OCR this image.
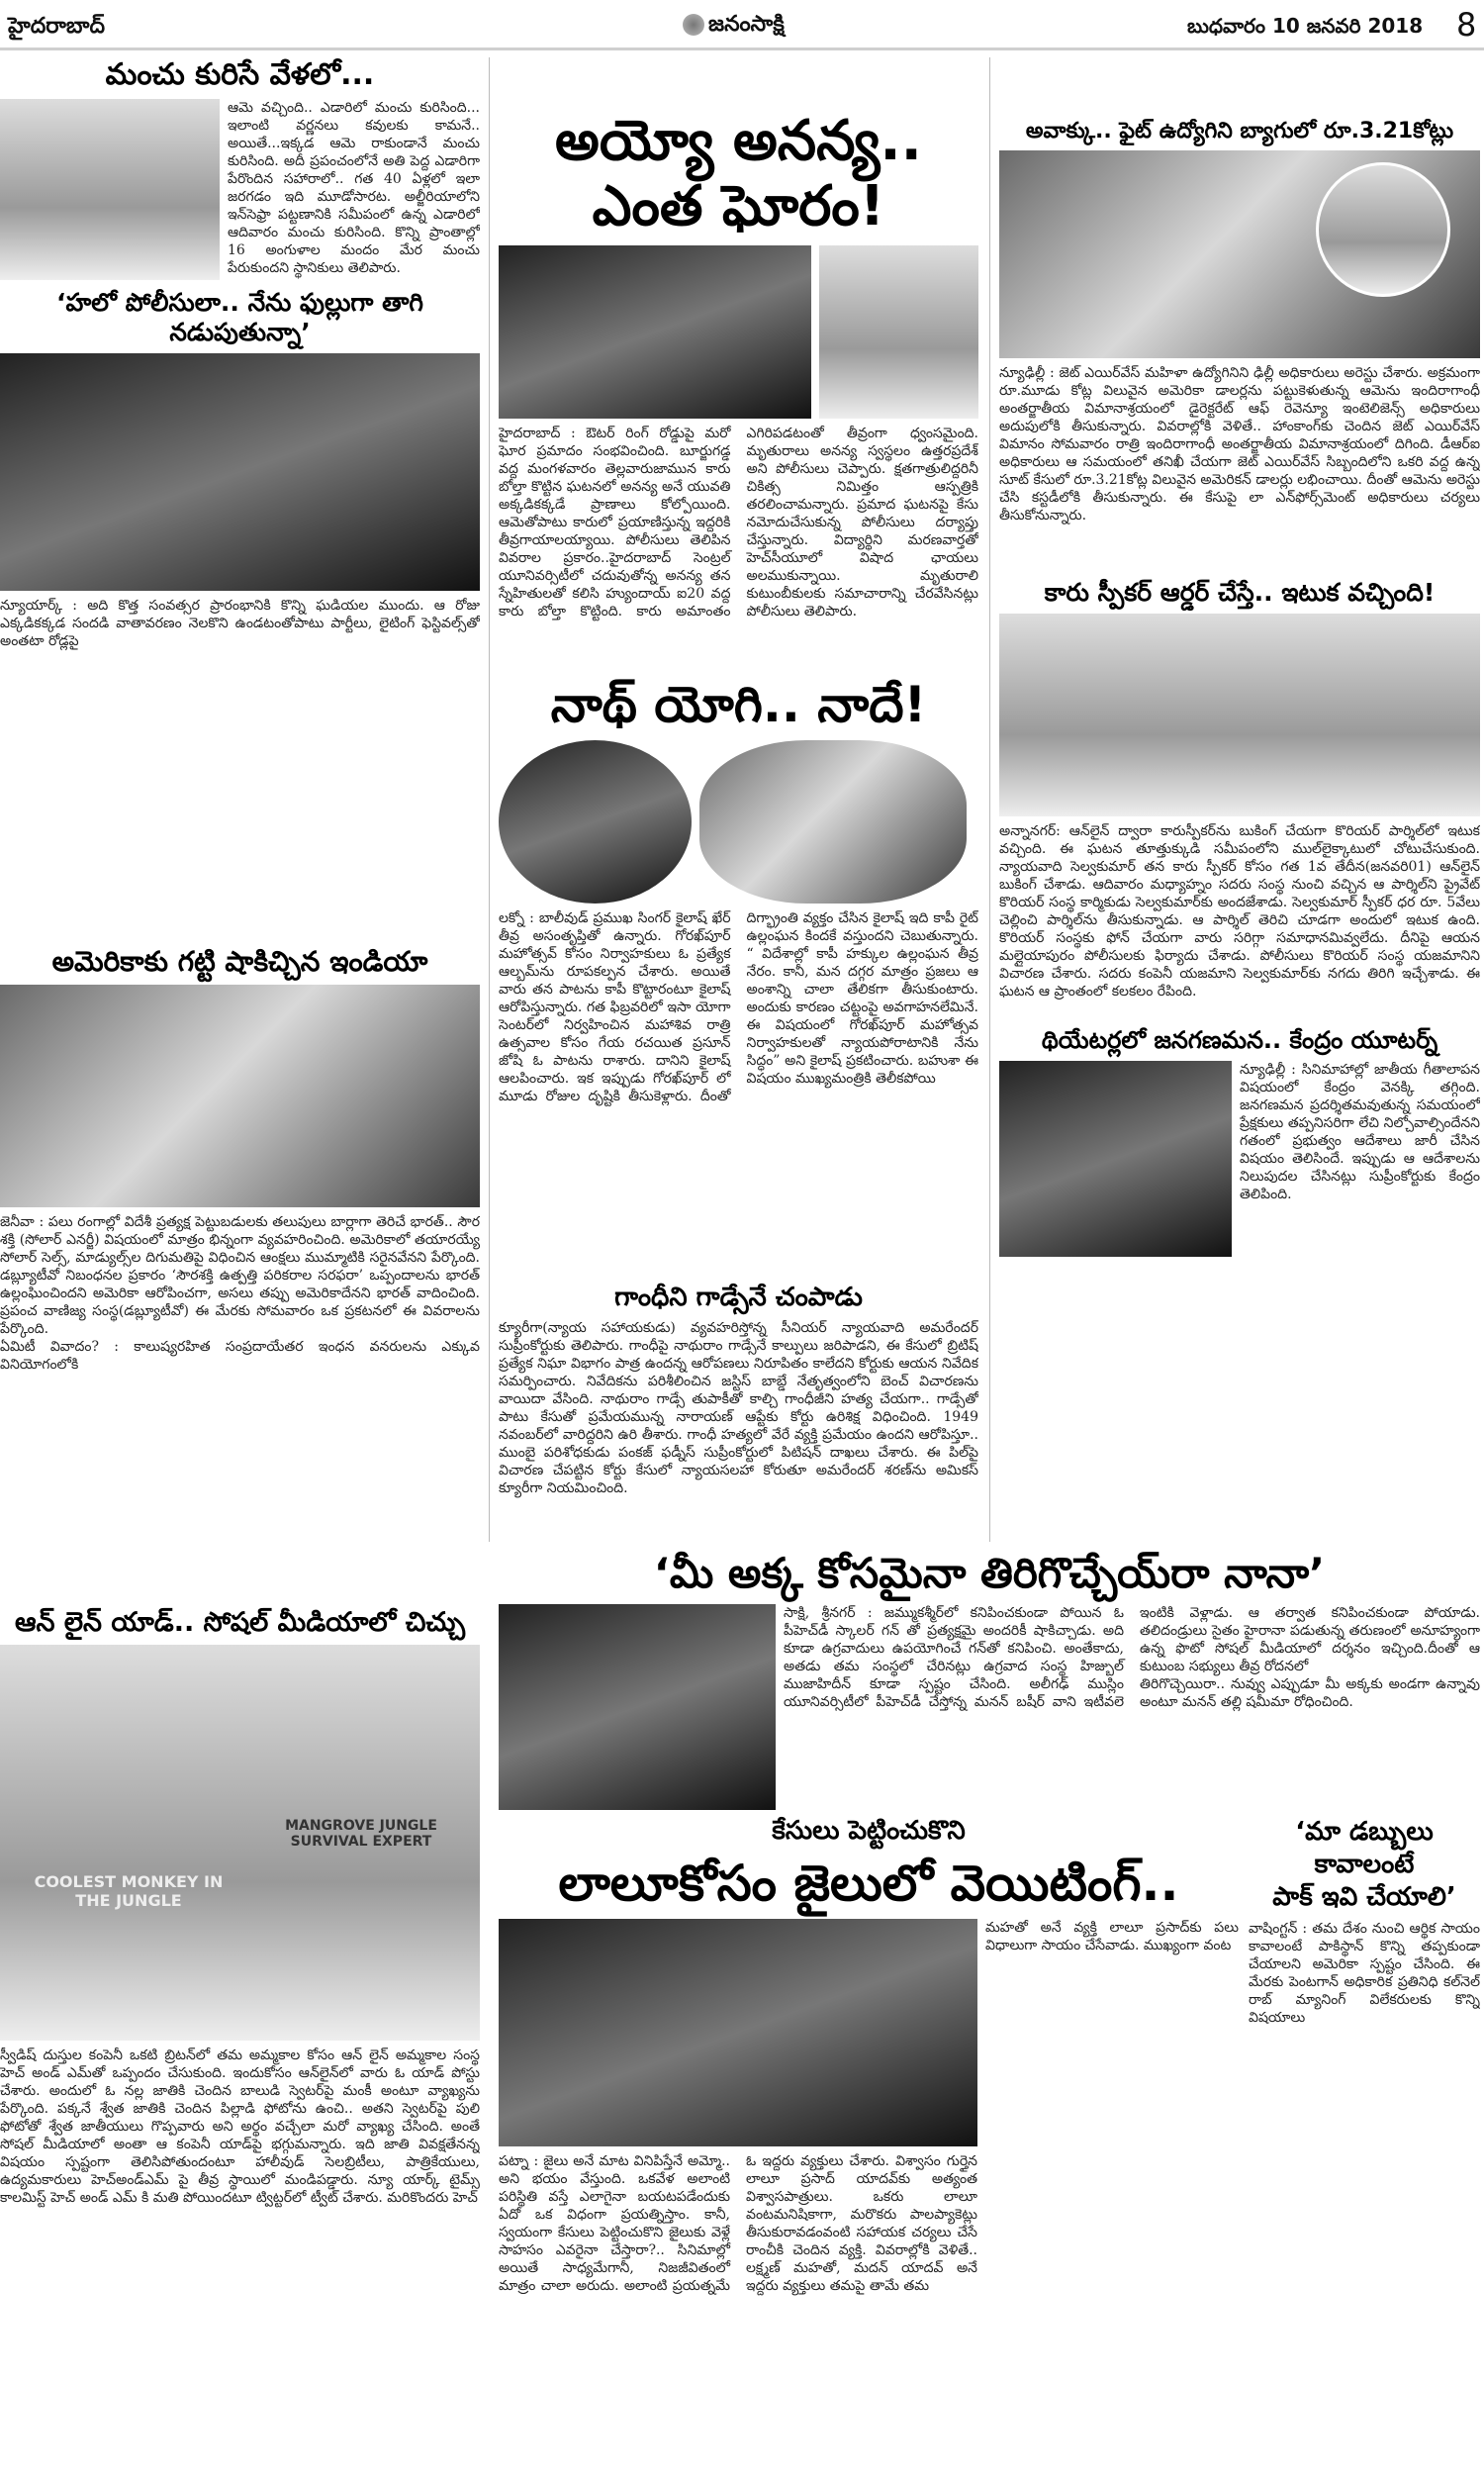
హైదరాబాద్	జనంసాక్షి	బుధవారం 10 జనవరి 2018 8
మంచు కురిసే వేళలో...

ఆమె వచ్చింది.. ఎడారిలో మంచు కురిసింది... ఇలాంటి వర్ణనలు కవులకు కామనే.. అయితే...ఇక్కడ ఆమె రాకుండానే మంచు కురిసింది. అదీ ప్రపంచంలోనే అతి పెద్ద ఎడారిగా పేరొందిన సహారాలో.. గత 40 ఏళ్లలో ఇలా జరగడం ఇది మూడోసారట. అల్జీరియాలోని ఇన్‌సెఫ్రా పట్టణానికి సమీపంలో ఉన్న ఎడారిలో ఆదివారం మంచు కురిసింది. కొన్ని ప్రాంతాల్లో 16 అంగుళాల మందం మేర మంచు పేరుకుందని స్థానికులు తెలిపారు.

‘హలో పోలీసులా.. నేను ఫుల్లుగా తాగి నడుపుతున్నా’

న్యూయార్క్ : అది కొత్త సంవత్సర ప్రారంభానికి కొన్ని ఘడియల ముందు. ఆ రోజు ఎక్కడికక్కడ సందడి వాతావరణం నెలకొని ఉండటంతోపాటు పార్టీలు, లైటింగ్ ఫెస్టివల్స్‌తో అంతటా రోడ్లపై

అమెరికాకు గట్టి షాకిచ్చిన ఇండియా

జెనీవా : పలు రంగాల్లో విదేశీ ప్రత్యక్ష పెట్టుబడులకు తలుపులు బార్లాగా తెరిచే భారత్.. సౌర శక్తి (సోలార్ ఎనర్జీ) విషయంలో మాత్రం భిన్నంగా వ్యవహరించింది. అమెరికాలో తయారయ్యే సోలార్ సెల్స్, మాడ్యుల్స్‌ల దిగుమతిపై విధించిన ఆంక్షలు ముమ్మాటికి సరైనవేనని పేర్కొంది. డబ్ల్యూటీవో నిబంధనల ప్రకారం ‘సౌరశక్తి ఉత్పత్తి పరికరాల సరఫరా’ ఒప్పందాలను భారత్ ఉల్లంఘించిందని అమెరికా ఆరోపించగా, అసలు తప్పు అమెరికాదేనని భారత్ వాదించింది. ప్రపంచ వాణిజ్య సంస్థ(డబ్ల్యూటీవో) ఈ మేరకు సోమవారం ఒక ప్రకటనలో ఈ వివరాలను పేర్కొంది.

ఏమిటీ వివాదం? : కాలుష్యరహిత సంప్రదాయేతర ఇంధన వనరులను ఎక్కువ వినియోగంలోకి

ఆన్ లైన్ యాడ్.. సోషల్ మీడియాలో చిచ్చు
COOLEST MONKEY IN THE JUNGLE
MANGROVE JUNGLE SURVIVAL EXPERT

స్వీడిష్ దుస్తుల కంపెనీ ఒకటి బ్రిటన్‌లో తమ అమ్మకాల కోసం ఆన్ లైన్ అమ్మకాల సంస్థ హెచ్ అండ్ ఎమ్‌తో ఒప్పందం చేసుకుంది. ఇందుకోసం ఆన్‌లైన్‌లో వారు ఓ యాడ్ పోస్టు చేశారు. అందులో ఓ నల్ల జాతికి చెందిన బాలుడి స్వెటర్‌పై మంకీ అంటూ వ్యాఖ్యను పేర్కొంది. పక్కనే శ్వేత జాతికి చెందిన పిల్లాడి ఫోటోను ఉంచి.. అతని స్వెటర్‌పై పులి ఫోటోతో శ్వేత జాతీయులు గొప్పవారు అని అర్థం వచ్చేలా మరో వ్యాఖ్య చేసింది. అంతే సోషల్ మీడియాలో అంతా ఆ కంపెనీ యాడ్‌పై భగ్గుమన్నారు. ఇది జాతి వివక్షతేనన్న విషయం స్పష్టంగా తెలిసిపోతుందంటూ హాలీవుడ్ సెలబ్రిటీలు, పాత్రికేయులు, ఉద్యమకారులు హెచ్‌అండ్‌ఎమ్ పై తీవ్ర స్థాయిలో మండిపడ్డారు. న్యూ యార్క్ టైమ్స్ కాలమిస్ట్ హెచ్ అండ్ ఎమ్ కి మతి పోయిందటూ ట్విట్టర్‌లో ట్వీట్ చేశారు. మరికొందరు హెచ్

అయ్యో అనన్య..
ఎంత ఘోరం!

హైదరాబాద్ : ఔటర్ రింగ్ రోడ్డుపై మరో ఘోర ప్రమాదం సంభవించింది. బూర్జుగడ్డ వద్ద మంగళవారం తెల్లవారుజామున కారు బోల్తా కొట్టిన ఘటనలో అనన్య అనే యువతి అక్కడికక్కడే ప్రాణాలు కోల్పోయింది. ఆమెతోపాటు కారులో ప్రయాణిస్తున్న ఇద్దరికి తీవ్రగాయాలయ్యాయి. పోలీసులు తెలిపిన వివరాల ప్రకారం..హైదరాబాద్ సెంట్రల్ యూనివర్సిటీలో చదువుతోన్న అనన్య తన స్నేహితులతో కలిసి హ్యుందాయ్ ఐ20 వద్ద కారు బోల్తా కొట్టింది. కారు అమాంతం ఎగిరిపడటంతో తీవ్రంగా ధ్వంసమైంది. మృతురాలు అనన్య స్వస్థలం ఉత్తరప్రదేశ్ అని పోలీసులు చెప్పారు. క్షతగాత్రులిద్దరినీ చికిత్స నిమిత్తం ఆస్పత్రికి తరలించామన్నారు. ప్రమాద ఘటనపై కేసు నమోదుచేసుకున్న పోలీసులు దర్యాప్తు చేస్తున్నారు. విద్యార్థిని మరణవార్తతో హెచ్‌సీయూలో విషాద ఛాయలు అలముకున్నాయి. మృతురాలి కుటుంబీకులకు సమాచారాన్ని చేరవేసినట్లు పోలీసులు తెలిపారు.

నాథ్ యోగి.. నాదే!

లక్నో : బాలీవుడ్ ప్రముఖ సింగర్ కైలాష్ ఖేర్ తీవ్ర అసంతృప్తితో ఉన్నారు. గోరఖ్‌పూర్ మహోత్సవ్ కోసం నిర్వాహకులు ఓ ప్రత్యేక ఆల్బమ్‌ను రూపకల్పన చేశారు. అయితే వారు తన పాటను కాపీ కొట్టారంటూ కైలాష్ ఆరోపిస్తున్నారు. గత ఫిబ్రవరిలో ఇసా యోగా సెంటర్‌లో నిర్వహించిన మహాశివ రాత్రి ఉత్సవాల కోసం గేయ రచయిత ప్రసూన్ జోషి ఓ పాటను రాశారు. దానిని కైలాష్ ఆలపించారు. ఇక ఇప్పుడు గోరఖ్‌పూర్ లో మూడు రోజుల దృష్టికి తీసుకెళ్లారు. దీంతో దిగ్భ్రాంతి వ్యక్తం చేసిన కైలాష్ ఇది కాపీ రైట్ ఉల్లంఘన కిందకే వస్తుందని చెబుతున్నారు. “ విదేశాల్లో కాపీ హక్కుల ఉల్లంఘన తీవ్ర నేరం. కానీ, మన దగ్గర మాత్రం ప్రజలు ఆ అంశాన్ని చాలా తేలికగా తీసుకుంటారు. అందుకు కారణం చట్టంపై అవగాహనలేమినే. ఈ విషయంలో గోరఖ్‌పూర్ మహోత్సవ నిర్వాహకులతో న్యాయపోరాటానికి నేను సిద్ధం” అని కైలాష్ ప్రకటించారు. బహుశా ఈ విషయం ముఖ్యమంత్రికి తెలీకపోయి

గాంధీని గాడ్సేనే చంపాడు

క్యూరీగా(న్యాయ సహాయకుడు) వ్యవహరిస్తోన్న సీనియర్ న్యాయవాది అమరేందర్ సుప్రీంకోర్టుకు తెలిపారు. గాంధీపై నాథురాం గాడ్సేనే కాల్పులు జరిపాడని, ఈ కేసులో బ్రిటిష్ ప్రత్యేక నిఘా విభాగం పాత్ర ఉందన్న ఆరోపణలు నిరూపితం కాలేదని కోర్టుకు ఆయన నివేదిక సమర్పించారు. నివేదికను పరిశీలించిన జస్టిస్ బాబ్డే నేతృత్వంలోని బెంచ్ విచారణను వాయిదా వేసింది. నాథురాం గాడ్సే తుపాకీతో కాల్చి గాంధీజీని హత్య చేయగా.. గాడ్సేతో పాటు కేసుతో ప్రమేయమున్న నారాయణ్ ఆప్టేకు కోర్టు ఉరిశిక్ష విధించింది. 1949 నవంబర్‌లో వారిద్దరిని ఉరి తీశారు. గాంధీ హత్యలో వేరే వ్యక్తి ప్రమేయం ఉందని ఆరోపిస్తూ.. ముంబై పరిశోధకుడు పంకజ్ ఫడ్నీస్ సుప్రీంకోర్టులో పిటిషన్ దాఖలు చేశారు. ఈ పిల్‌పై విచారణ చేపట్టిన కోర్టు కేసులో న్యాయసలహా కోరుతూ అమరేందర్ శరణ్‌ను అమికస్ క్యూరీగా నియమించింది.

అవాక్కు.. ఫైట్ ఉద్యోగిని బ్యాగులో రూ.3.21కోట్లు

న్యూఢిల్లీ : జెట్ ఎయిర్‌వేస్ మహిళా ఉద్యోగినిని ఢిల్లీ అధికారులు అరెస్టు చేశారు. అక్రమంగా రూ.మూడు కోట్ల విలువైన అమెరికా డాలర్లను పట్టుకెళుతున్న ఆమెను ఇందిరాగాంధీ అంతర్జాతీయ విమానాశ్రయంలో డైరెక్టరేట్ ఆఫ్ రెవెన్యూ ఇంటెలిజెన్స్ అధికారులు అదుపులోకి తీసుకున్నారు. వివరాల్లోకి వెళితే.. హాంకాంగ్‌కు చెందిన జెట్ ఎయిర్‌వేస్ విమానం సోమవారం రాత్రి ఇందిరాగాంధీ అంతర్జాతీయ విమానాశ్రయంలో దిగింది. డీఆర్‌ఐ అధికారులు ఆ సమయంలో తనిఖీ చేయగా జెట్ ఎయిర్‌వేస్ సిబ్బందిలోని ఒకరి వద్ద ఉన్న సూట్ కేసులో రూ.3.21కోట్ల విలువైన అమెరికన్ డాలర్లు లభించాయి. దీంతో ఆమెను అరెస్టు చేసి కస్టడీలోకి తీసుకున్నారు. ఈ కేసుపై లా ఎన్‌ఫోర్స్‌మెంట్ అధికారులు చర్యలు తీసుకోనున్నారు.

కారు స్పీకర్ ఆర్డర్ చేస్తే.. ఇటుక వచ్చింది!

అన్నానగర్: ఆన్‌లైన్ ద్వారా కారుస్పీకర్‌ను బుకింగ్ చేయగా కొరియర్ పార్శిల్‌లో ఇటుక వచ్చింది. ఈ ఘటన తూత్తుక్కుడి సమీపంలోని ముల్‌లైక్కాటులో చోటుచేసుకుంది. న్యాయవాది సెల్వకుమార్ తన కారు స్పీకర్ కోసం గత 1వ తేదీన(జనవరి01) ఆన్‌లైన్ బుకింగ్ చేశాడు. ఆదివారం మధ్యాహ్నం సదరు సంస్థ నుంచి వచ్చిన ఆ పార్శిల్‌ని ప్రైవేట్ కొరియర్ సంస్థ కార్మికుడు సెల్వకుమార్‌కు అందజేశాడు. సెల్వకుమార్ స్పీకర్ ధర రూ. 5వేలు చెల్లించి పార్శిల్‌ను తీసుకున్నాడు. ఆ పార్శిల్ తెరిచి చూడగా అందులో ఇటుక ఉంది. కొరియర్ సంస్థకు ఫోన్ చేయగా వారు సరిగ్గా సమాధానమివ్వలేదు. దీనిపై ఆయన మల్లైయాపురం పోలీసులకు ఫిర్యాదు చేశాడు. పోలీసులు కొరియర్ సంస్థ యజమానిని విచారణ చేశారు. సదరు కంపెనీ యజమాని సెల్వకుమార్‌కు నగదు తిరిగి ఇచ్చేశాడు. ఈ ఘటన ఆ ప్రాంతంలో కలకలం రేపింది.

థియేటర్లలో జనగణమన.. కేంద్రం యూటర్న్

న్యూఢిల్లీ : సినిమాహాల్లో జాతీయ గీతాలాపన విషయంలో కేంద్రం వెనక్కి తగ్గింది. జనగణమన ప్రదర్శితమవుతున్న సమయంలో ప్రేక్షకులు తప్పనిసరిగా లేచి నిల్చోవాల్సిందేనని గతంలో ప్రభుత్వం ఆదేశాలు జారీ చేసిన విషయం తెలిసిందే. ఇప్పుడు ఆ ఆదేశాలను నిలుపుదల చేసినట్లు సుప్రీంకోర్టుకు కేంద్రం తెలిపింది.

‘మీ అక్క కోసమైనా తిరిగొచ్చేయ్‌రా నానా’

సాక్షి, శ్రీనగర్ : జమ్ముకశ్మీర్‌లో కనిపించకుండా పోయిన ఓ పీహెచ్‌డీ స్కాలర్ గన్ తో ప్రత్యక్షమై అందరికీ షాకిచ్చాడు. అది కూడా ఉగ్రవాదులు ఉపయోగించే గన్‌తో కనిపించి. అంతేకాదు, అతడు తమ సంస్థలో చేరినట్లు ఉగ్రవాద సంస్థ హిజ్బుల్ ముజాహిదీన్ కూడా స్పష్టం చేసింది. అలీగఢ్ ముస్లిం యూనివర్సిటీలో పీహెచ్‌డీ చేస్తోన్న మనన్ బషీర్ వాని ఇటీవలె ఇంటికి వెళ్లాడు. ఆ తర్వాత కనిపించకుండా పోయాడు. తలిదండ్రులు సైతం హైరానా పడుతున్న తరుణంలో అనూహ్యంగా ఉన్న ఫొటో సోషల్ మీడియాలో దర్శనం ఇచ్చింది.దీంతో ఆ కుటుంబ సభ్యులు తీవ్ర రోదనలో

తిరిగొచ్చెయిరా.. నువ్వు ఎప్పుడూ మీ అక్కకు అండగా ఉన్నావు అంటూ మనన్ తల్లి షమీమా రోధించింది.

కేసులు పెట్టించుకొని
లాలూకోసం జైలులో వెయిటింగ్..

పట్నా : జైలు అనే మాట వినిపిస్తేనే అమ్మో.. అని భయం వేస్తుంది. ఒకవేళ అలాంటి పరిస్థితి వస్తే ఎలాగైనా బయటపడేందుకు ఏదో ఒక విధంగా ప్రయత్నిస్తాం. కానీ, స్వయంగా కేసులు పెట్టించుకొని జైలుకు వెళ్లే సాహసం ఎవరైనా చేస్తారా?.. సినిమాల్లో అయితే సాధ్యమేగానీ, నిజజీవితంలో మాత్రం చాలా అరుదు. అలాంటి ప్రయత్నమే ఓ ఇద్దరు వ్యక్తులు చేశారు. విశ్వాసం గుర్తైన లాలూ ప్రసాద్ యాదవ్‌కు అత్యంత విశ్వాసపాత్రులు. ఒకరు లాలూ వంటమనిషికాగా, మరొకరు పాలప్యాకెట్లు తీసుకురావడంవంటి సహాయక చర్యలు చేసే రాంచీకి చెందిన వ్యక్తి. వివరాల్లోకి వెళితే.. లక్ష్మణ్ మహతో, మదన్ యాదవ్ అనే ఇద్దరు వ్యక్తులు తమపై తామే తమ

మహతో అనే వ్యక్తి లాలూ ప్రసాద్‌కు పలు విధాలుగా సాయం చేసేవాడు. ముఖ్యంగా వంట

‘మా డబ్బులు కావాలంటే
పాక్ ఇవి చేయాలి’

వాషింగ్టన్ : తమ దేశం నుంచి ఆర్థిక సాయం కావాలంటే పాకిస్థాన్ కొన్ని తప్పకుండా చేయాలని అమెరికా స్పష్టం చేసింది. ఈ మేరకు పెంటగాన్ అధికారిక ప్రతినిధి కల్‌నెల్ రాబ్ మ్యానింగ్ విలేకరులకు కొన్ని విషయాలు
